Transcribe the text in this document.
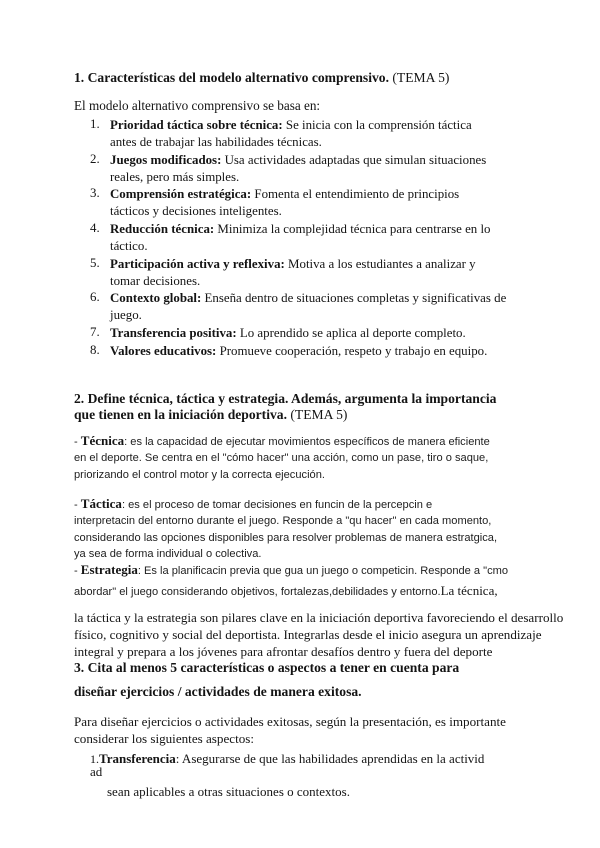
1. Características del modelo alternativo comprensivo. (TEMA 5)
El modelo alternativo comprensivo se basa en:
1. Prioridad táctica sobre técnica: Se inicia con la comprensión táctica
antes de trabajar las habilidades técnicas.
2. Juegos modificados: Usa actividades adaptadas que simulan situaciones
reales, pero más simples.
3. Comprensión estratégica: Fomenta el entendimiento de principios
tácticos y decisiones inteligentes.
4. Reducción técnica: Minimiza la complejidad técnica para centrarse en lo
táctico.
5. Participación activa y reflexiva: Motiva a los estudiantes a analizar y
tomar decisiones.
6. Contexto global: Enseña dentro de situaciones completas y significativas de
juego.
7. Transferencia positiva: Lo aprendido se aplica al deporte completo.
8. Valores educativos: Promueve cooperación, respeto y trabajo en equipo.
2. Define técnica, táctica y estrategia. Además, argumenta la importancia
que tienen en la iniciación deportiva. (TEMA 5)
- Técnica: es la capacidad de ejecutar movimientos específicos de manera eficiente
en el deporte. Se centra en el "cómo hacer" una acción, como un pase, tiro o saque,
priorizando el control motor y la correcta ejecución.
- Táctica: es el proceso de tomar decisiones en funcin de la percepcin e
interpretacin del entorno durante el juego. Responde a "qu hacer" en cada momento,
considerando las opciones disponibles para resolver problemas de manera estratgica,
ya sea de forma individual o colectiva.
- Estrategia: Es la planificacin previa que gua un juego o competicin. Responde a "cmo
abordar" el juego considerando objetivos, fortalezas,debilidades y entorno.La técnica,
la táctica y la estrategia son pilares clave en la iniciación deportiva favoreciendo el desarrollo
físico, cognitivo y social del deportista. Integrarlas desde el inicio asegura un aprendizaje
integral y prepara a los jóvenes para afrontar desafíos dentro y fuera del deporte
3. Cita al menos 5 características o aspectos a tener en cuenta para
diseñar ejercicios / actividades de manera exitosa.
Para diseñar ejercicios o actividades exitosas, según la presentación, es importante
considerar los siguientes aspectos:
1.Transferencia: Asegurarse de que las habilidades aprendidas en la activid
ad
sean aplicables a otras situaciones o contextos.
